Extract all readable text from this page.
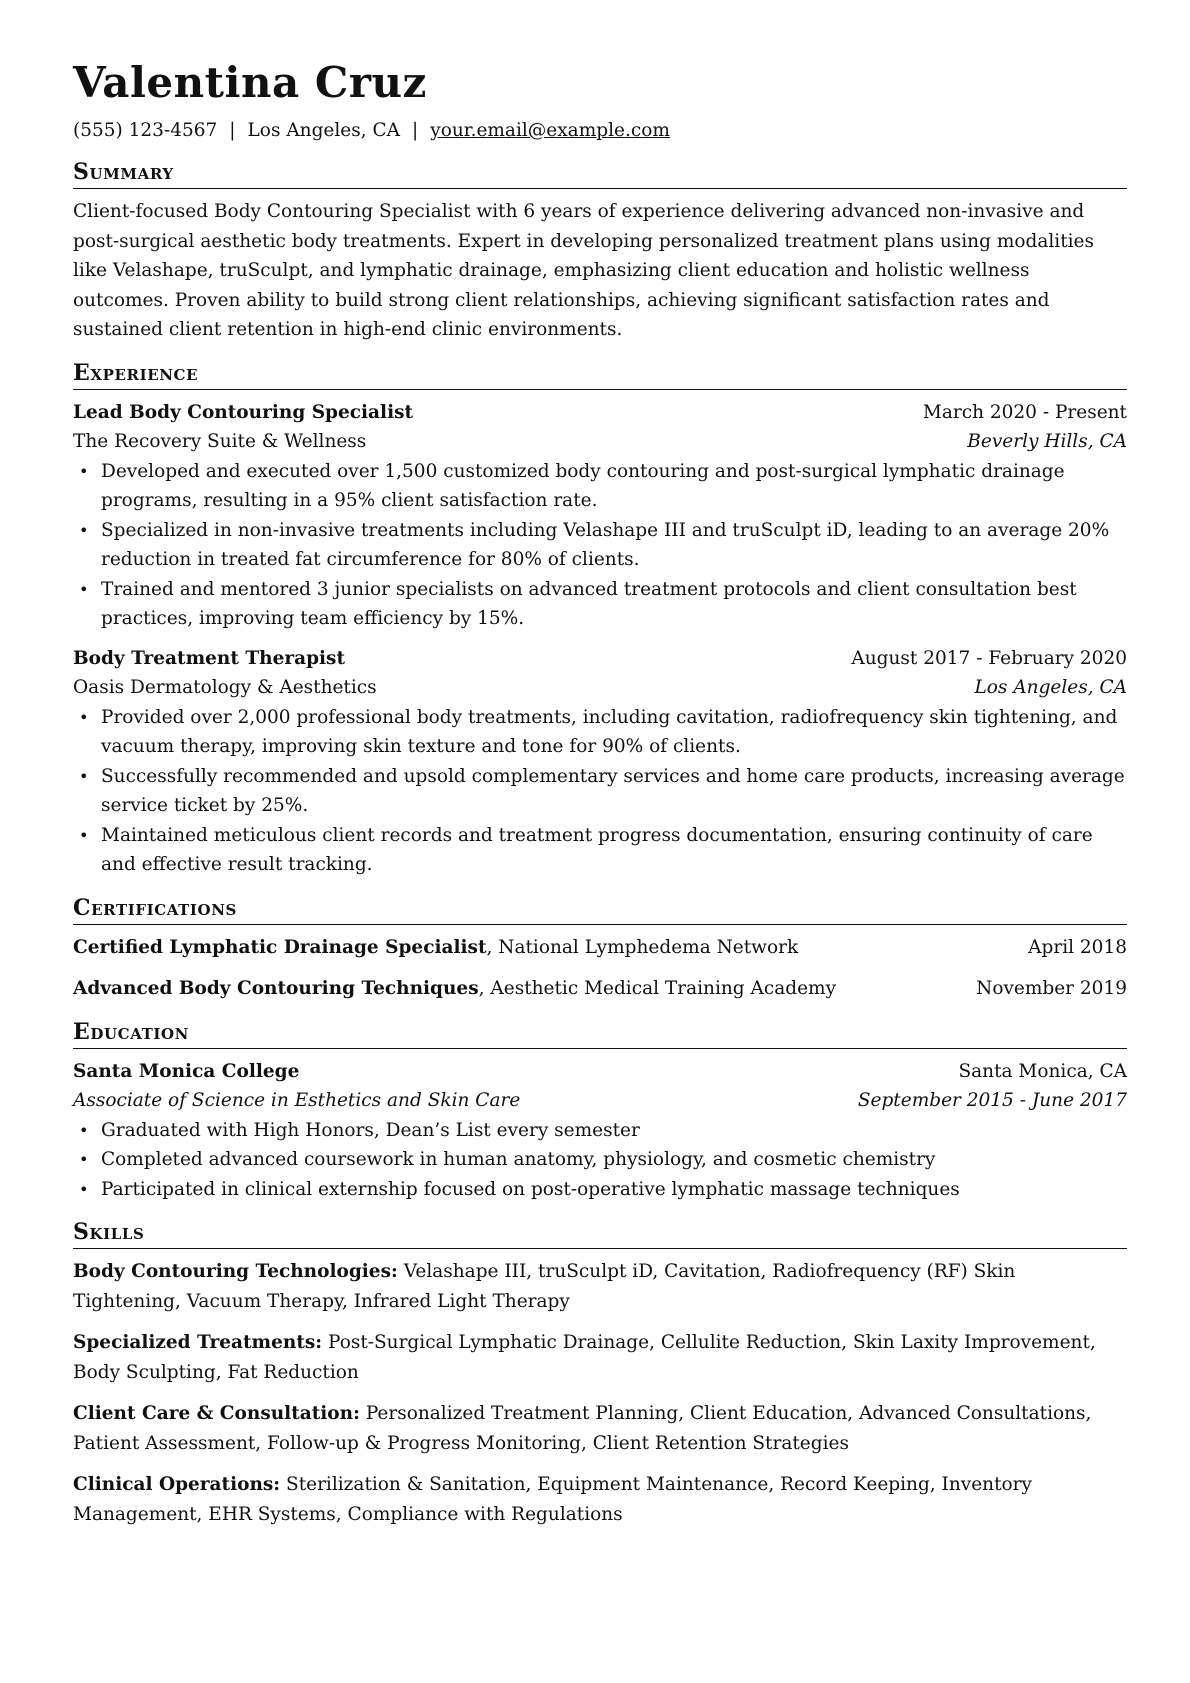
Valentina Cruz
(555) 123-4567 | Los Angeles, CA | your.email@example.com
Summary

Client-focused Body Contouring Specialist with 6 years of experience delivering advanced non-invasive and post-surgical aesthetic body treatments. Expert in developing personalized treatment plans using modalities like Velashape, truSculpt, and lymphatic drainage, emphasizing client education and holistic wellness outcomes. Proven ability to build strong client relationships, achieving significant satisfaction rates and sustained client retention in high-end clinic environments.

Experience
Lead Body Contouring Specialist	March 2020 - Present
The Recovery Suite & Wellness	Beverly Hills, CA
• Developed and executed over 1,500 customized body contouring and post-surgical lymphatic drainage programs, resulting in a 95% client satisfaction rate.
• Specialized in non-invasive treatments including Velashape III and truSculpt iD, leading to an average 20% reduction in treated fat circumference for 80% of clients.
• Trained and mentored 3 junior specialists on advanced treatment protocols and client consultation best practices, improving team efficiency by 15%.
Body Treatment Therapist	August 2017 - February 2020
Oasis Dermatology & Aesthetics	Los Angeles, CA
• Provided over 2,000 professional body treatments, including cavitation, radiofrequency skin tightening, and vacuum therapy, improving skin texture and tone for 90% of clients.
• Successfully recommended and upsold complementary services and home care products, increasing average service ticket by 25%.
• Maintained meticulous client records and treatment progress documentation, ensuring continuity of care and effective result tracking.
Certifications
Certified Lymphatic Drainage Specialist, National Lymphedema Network	April 2018
Advanced Body Contouring Techniques, Aesthetic Medical Training Academy	November 2019
Education
Santa Monica College	Santa Monica, CA
Associate of Science in Esthetics and Skin Care	September 2015 - June 2017
• Graduated with High Honors, Dean’s List every semester
• Completed advanced coursework in human anatomy, physiology, and cosmetic chemistry
• Participated in clinical externship focused on post-operative lymphatic massage techniques
Skills
Body Contouring Technologies: Velashape III, truSculpt iD, Cavitation, Radiofrequency (RF) Skin Tightening, Vacuum Therapy, Infrared Light Therapy
Specialized Treatments: Post-Surgical Lymphatic Drainage, Cellulite Reduction, Skin Laxity Improvement, Body Sculpting, Fat Reduction
Client Care & Consultation: Personalized Treatment Planning, Client Education, Advanced Consultations, Patient Assessment, Follow-up & Progress Monitoring, Client Retention Strategies
Clinical Operations: Sterilization & Sanitation, Equipment Maintenance, Record Keeping, Inventory Management, EHR Systems, Compliance with Regulations
